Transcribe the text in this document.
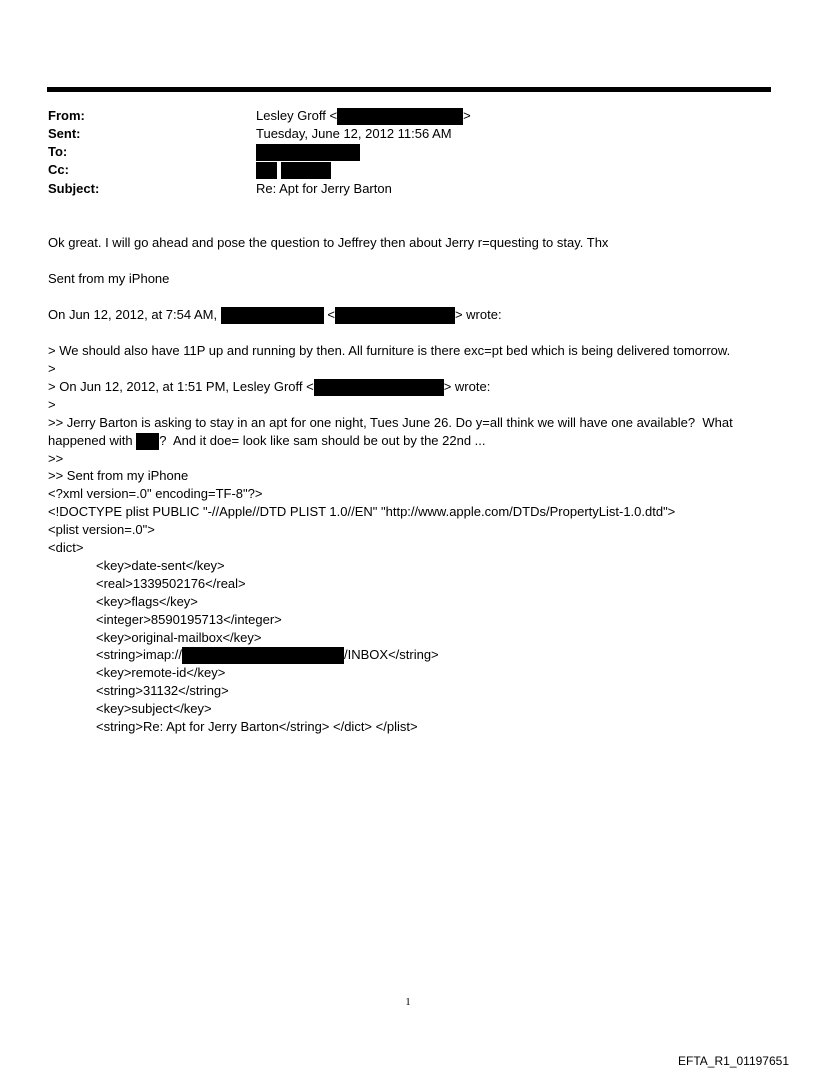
From:	Lesley Groff <	>
Sent:	Tuesday, June 12, 2012 11:56 AM
To:
Cc:
Subject:	Re: Apt for Jerry Barton
Ok great. I will go ahead and pose the question to Jeffrey then about Jerry r=questing to stay. Thx
Sent from my iPhone
On Jun 12, 2012, at 7:54 AM,	<	> wrote:
> We should also have 11P up and running by then. All furniture is there exc=pt bed which is being delivered tomorrow.
>
> On Jun 12, 2012, at 1:51 PM, Lesley Groff <	> wrote:
>
>> Jerry Barton is asking to stay in an apt for one night, Tues June 26. Do y=all think we will have one available?  What
happened with ?  And it doe= look like sam should be out by the 22nd ...
>>
>> Sent from my iPhone
<?xml version=.0" encoding=TF-8"?>
<!DOCTYPE plist PUBLIC "-//Apple//DTD PLIST 1.0//EN" "http://www.apple.com/DTDs/PropertyList-1.0.dtd">
<plist version=.0">
<dict>
<key>date-sent</key>
<real>1339502176</real>
<key>flags</key>
<integer>8590195713</integer>
<key>original-mailbox</key>
<string>imap://	/INBOX</string>
<key>remote-id</key>
<string>31132</string>
<key>subject</key>
<string>Re: Apt for Jerry Barton</string> </dict> </plist>
1
EFTA_R1_01197651
